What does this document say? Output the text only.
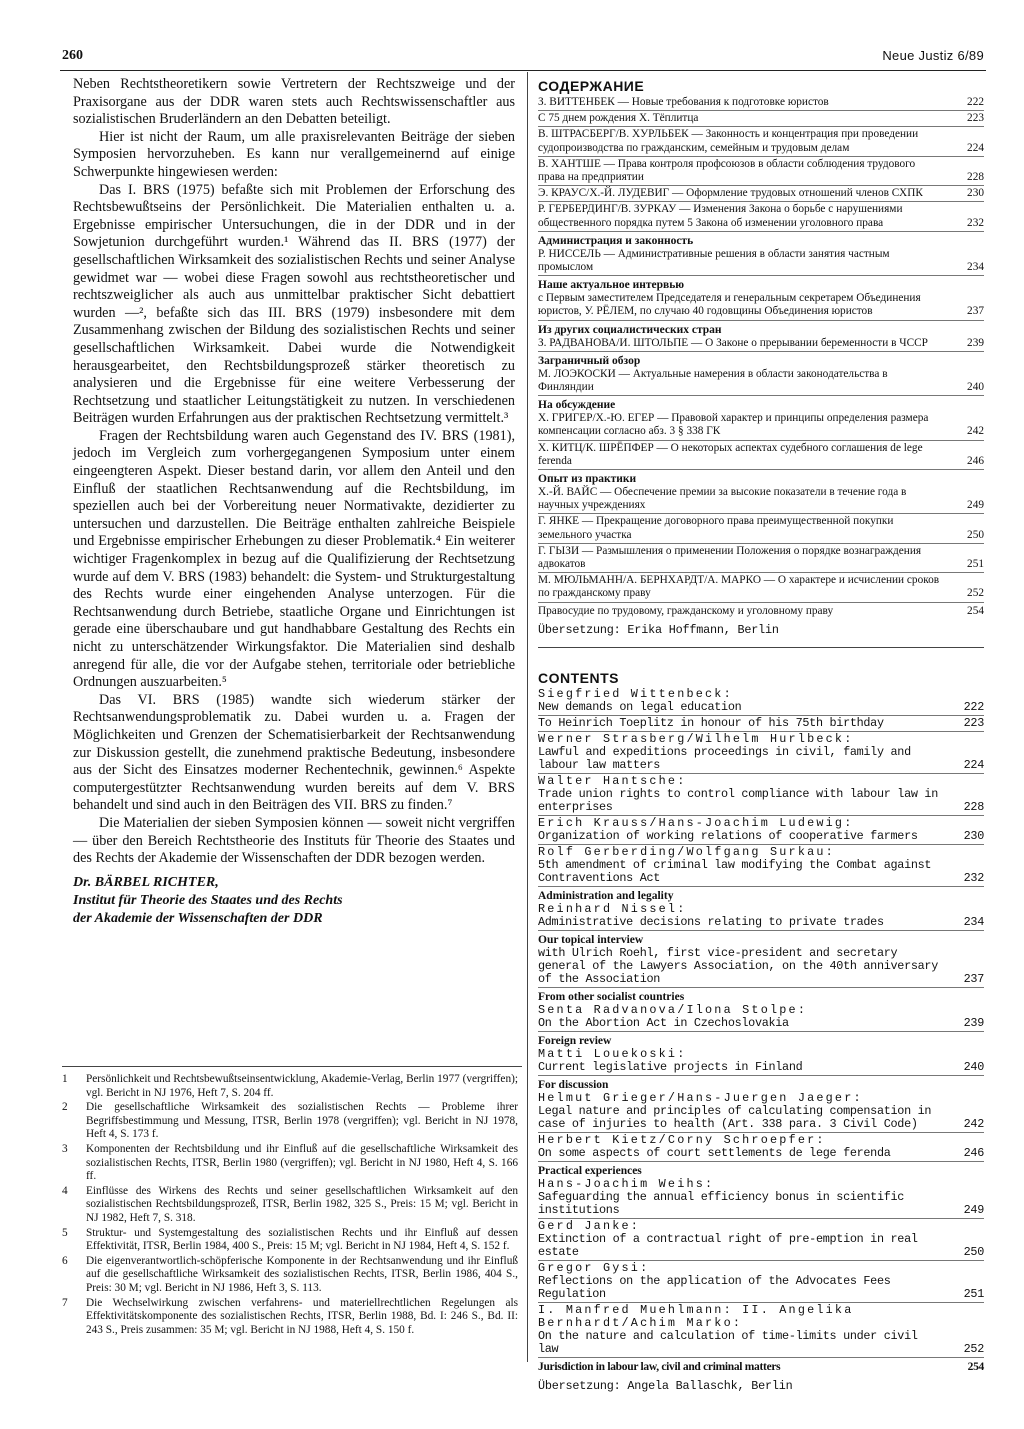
260	Neue Justiz 6/89

Neben Rechtstheoretikern sowie Vertretern der Rechtszweige und der Praxisorgane aus der DDR waren stets auch Rechtswissenschaftler aus sozialistischen Bruderländern an den Debatten beteiligt.

Hier ist nicht der Raum, um alle praxisrelevanten Beiträge der sieben Symposien hervorzuheben. Es kann nur verallgemeinernd auf einige Schwerpunkte hingewiesen werden:

Das I. BRS (1975) befaßte sich mit Problemen der Erforschung des Rechtsbewußtseins der Persönlichkeit. Die Materialien enthalten u. a. Ergebnisse empirischer Untersuchungen, die in der DDR und in der Sowjetunion durchgeführt wurden.¹ Während das II. BRS (1977) der gesellschaftlichen Wirksamkeit des sozialistischen Rechts und seiner Analyse gewidmet war — wobei diese Fragen sowohl aus rechtstheoretischer und rechtszweiglicher als auch aus unmittelbar praktischer Sicht debattiert wurden —², befaßte sich das III. BRS (1979) insbesondere mit dem Zusammenhang zwischen der Bildung des sozialistischen Rechts und seiner gesellschaftlichen Wirksamkeit. Dabei wurde die Notwendigkeit herausgearbeitet, den Rechtsbildungsprozeß stärker theoretisch zu analysieren und die Ergebnisse für eine weitere Verbesserung der Rechtsetzung und staatlicher Leitungstätigkeit zu nutzen. In verschiedenen Beiträgen wurden Erfahrungen aus der praktischen Rechtsetzung vermittelt.³

Fragen der Rechtsbildung waren auch Gegenstand des IV. BRS (1981), jedoch im Vergleich zum vorhergegangenen Symposium unter einem eingeengteren Aspekt. Dieser bestand darin, vor allem den Anteil und den Einfluß der staatlichen Rechtsanwendung auf die Rechtsbildung, im speziellen auch bei der Vorbereitung neuer Normativakte, dezidierter zu untersuchen und darzustellen. Die Beiträge enthalten zahlreiche Beispiele und Ergebnisse empirischer Erhebungen zu dieser Problematik.⁴ Ein weiterer wichtiger Fragenkomplex in bezug auf die Qualifizierung der Rechtsetzung wurde auf dem V. BRS (1983) behandelt: die System- und Strukturgestaltung des Rechts wurde einer eingehenden Analyse unterzogen. Für die Rechtsanwendung durch Betriebe, staatliche Organe und Einrichtungen ist gerade eine überschaubare und gut handhabbare Gestaltung des Rechts ein nicht zu unterschätzender Wirkungsfaktor. Die Materialien sind deshalb anregend für alle, die vor der Aufgabe stehen, territoriale oder betriebliche Ordnungen auszuarbeiten.⁵

Das VI. BRS (1985) wandte sich wiederum stärker der Rechtsanwendungsproblematik zu. Dabei wurden u. a. Fragen der Möglichkeiten und Grenzen der Schematisierbarkeit der Rechtsanwendung zur Diskussion gestellt, die zunehmend praktische Bedeutung, insbesondere aus der Sicht des Einsatzes moderner Rechentechnik, gewinnen.⁶ Aspekte computergestützter Rechtsanwendung wurden bereits auf dem V. BRS behandelt und sind auch in den Beiträgen des VII. BRS zu finden.⁷

Die Materialien der sieben Symposien können — soweit nicht vergriffen — über den Bereich Rechtstheorie des Instituts für Theorie des Staates und des Rechts der Akademie der Wissenschaften der DDR bezogen werden.

Dr. BÄRBEL RICHTER,
Institut für Theorie des Staates und des Rechts
der Akademie der Wissenschaften der DDR
1	Persönlichkeit und Rechtsbewußtseinsentwicklung, Akademie-Verlag, Berlin 1977 (vergriffen); vgl. Bericht in NJ 1976, Heft 7, S. 204 ff.
2	Die gesellschaftliche Wirksamkeit des sozialistischen Rechts — Probleme ihrer Begriffsbestimmung und Messung, ITSR, Berlin 1978 (vergriffen); vgl. Bericht in NJ 1978, Heft 4, S. 173 f.
3	Komponenten der Rechtsbildung und ihr Einfluß auf die gesellschaftliche Wirksamkeit des sozialistischen Rechts, ITSR, Berlin 1980 (vergriffen); vgl. Bericht in NJ 1980, Heft 4, S. 166 ff.
4	Einflüsse des Wirkens des Rechts und seiner gesellschaftlichen Wirksamkeit auf den sozialistischen Rechtsbildungsprozeß, ITSR, Berlin 1982, 325 S., Preis: 15 M; vgl. Bericht in NJ 1982, Heft 7, S. 318.
5	Struktur- und Systemgestaltung des sozialistischen Rechts und ihr Einfluß auf dessen Effektivität, ITSR, Berlin 1984, 400 S., Preis: 15 M; vgl. Bericht in NJ 1984, Heft 4, S. 152 f.
6	Die eigenverantwortlich-schöpferische Komponente in der Rechtsanwendung und ihr Einfluß auf die gesellschaftliche Wirksamkeit des sozialistischen Rechts, ITSR, Berlin 1986, 404 S., Preis: 30 M; vgl. Bericht in NJ 1986, Heft 3, S. 113.
7	Die Wechselwirkung zwischen verfahrens- und materiellrechtlichen Regelungen als Effektivitätskomponente des sozialistischen Rechts, ITSR, Berlin 1988, Bd. I: 246 S., Bd. II: 243 S., Preis zusammen: 35 M; vgl. Bericht in NJ 1988, Heft 4, S. 150 f.
СОДЕРЖАНИЕ
З. ВИТТЕНБЕК — Новые требования к подготовке юристов	222
С 75 днем рождения Х. Тёплитца	223
В. ШТРАСБЕРГ/В. ХУРЛЬБЕК — Законность и концентрация при проведении судопроизводства по гражданским, семейным и трудовым делам	224
В. ХАНТШЕ — Права контроля профсоюзов в области соблюдения трудового права на предприятии	228
Э. КРАУС/Х.-Й. ЛУДЕВИГ — Оформление трудовых отношений членов СХПК	230
Р. ГЕРБЕРДИНГ/В. ЗУРКАУ — Изменения Закона о борьбе с нарушениями общественного порядка путем 5 Закона об изменении уголовного права	232
Администрация и законность
Р. НИССЕЛЬ — Административные решения в области занятия частным промыслом	234
Наше актуальное интервью
с Первым заместителем Председателя и генеральным секретарем Объединения юристов, У. РЁЛЕМ, по случаю 40 годовщины Объединения юристов	237
Из других социалистических стран
З. РАДВАНОВА/И. ШТОЛЬПЕ — О Законе о прерывании беременности в ЧССР	239
Заграничный обзор
М. ЛОЭКОСКИ — Актуальные намерения в области законодательства в Финляндии	240
На обсуждение
Х. ГРИГЕР/Х.-Ю. ЕГЕР — Правовой характер и принципы определения размера компенсации согласно абз. 3 § 338 ГК	242
Х. КИТЦ/К. ШРЁПФЕР — О некоторых аспектах судебного соглашения de lege ferenda	246
Опыт из практики
Х.-Й. ВАЙС — Обеспечение премии за высокие показатели в течение года в научных учреждениях	249
Г. ЯНКЕ — Прекращение договорного права преимущественной покупки земельного участка	250
Г. ГЫЗИ — Размышления о применении Положения о порядке вознаграждения адвокатов	251
М. МЮЛЬМАНН/А. БЕРНХАРДТ/А. МАРКО — О характере и исчислении сроков по гражданскому праву	252
Правосудие по трудовому, гражданскому и уголовному праву	254
Übersetzung: Erika Hoffmann, Berlin
CONTENTS
Siegfried Wittenbeck:
New demands on legal education	222
To Heinrich Toeplitz in honour of his 75th birthday	223
Werner Strasberg/Wilhelm Hurlbeck:
Lawful and expeditions proceedings in civil, family and labour law matters	224
Walter Hantsche:
Trade union rights to control compliance with labour law in enterprises	228
Erich Krauss/Hans-Joachim Ludewig:
Organization of working relations of cooperative farmers	230
Rolf Gerberding/Wolfgang Surkau:
5th amendment of criminal law modifying the Combat against Contraventions Act	232
Administration and legality
Reinhard Nissel:
Administrative decisions relating to private trades	234
Our topical interview
with Ulrich Roehl, first vice-president and secretary general of the Lawyers Association, on the 40th anniversary of the Association	237
From other socialist countries
Senta Radvanova/Ilona Stolpe:
On the Abortion Act in Czechoslovakia	239
Foreign review
Matti Louekoski:
Current legislative projects in Finland	240
For discussion
Helmut Grieger/Hans-Juergen Jaeger:
Legal nature and principles of calculating compensation in case of injuries to health (Art. 338 para. 3 Civil Code)	242
Herbert Kietz/Corny Schroepfer:
On some aspects of court settlements de lege ferenda	246
Practical experiences
Hans-Joachim Weihs:
Safeguarding the annual efficiency bonus in scientific institutions	249
Gerd Janke:
Extinction of a contractual right of pre-emption in real estate	250
Gregor Gysi:
Reflections on the application of the Advocates Fees Regulation	251
I. Manfred Muehlmann: II. Angelika Bernhardt/Achim Marko:
On the nature and calculation of time-limits under civil law	252
Jurisdiction in labour law, civil and criminal matters	254
Übersetzung: Angela Ballaschk, Berlin
